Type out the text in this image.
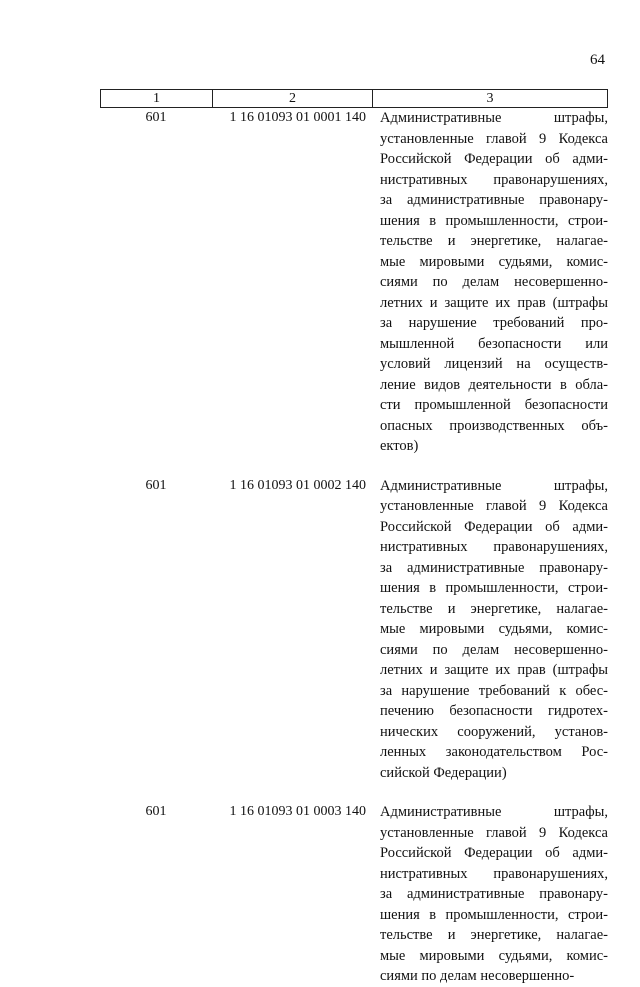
64
1	2	3
601	1 16 01093 01 0001 140 Административные штрафы,
установленные главой 9 Кодекса
Российской Федерации об адми-
нистративных правонарушениях,
за административные правонару-
шения в промышленности, строи-
тельстве и энергетике, налагае-
мые мировыми судьями, комис-
сиями по делам несовершенно-
летних и защите их прав (штрафы
за нарушение требований про-
мышленной безопасности или
условий лицензий на осуществ-
ление видов деятельности в обла-
сти промышленной безопасности
опасных производственных объ-
ектов)
601	1 16 01093 01 0002 140 Административные штрафы,
установленные главой 9 Кодекса
Российской Федерации об адми-
нистративных правонарушениях,
за административные правонару-
шения в промышленности, строи-
тельстве и энергетике, налагае-
мые мировыми судьями, комис-
сиями по делам несовершенно-
летних и защите их прав (штрафы
за нарушение требований к обес-
печению безопасности гидротех-
нических сооружений, установ-
ленных законодательством Рос-
сийской Федерации)
601	1 16 01093 01 0003 140 Административные штрафы,
установленные главой 9 Кодекса
Российской Федерации об адми-
нистративных правонарушениях,
за административные правонару-
шения в промышленности, строи-
тельстве и энергетике, налагае-
мые мировыми судьями, комис-
сиями по делам несовершенно-
